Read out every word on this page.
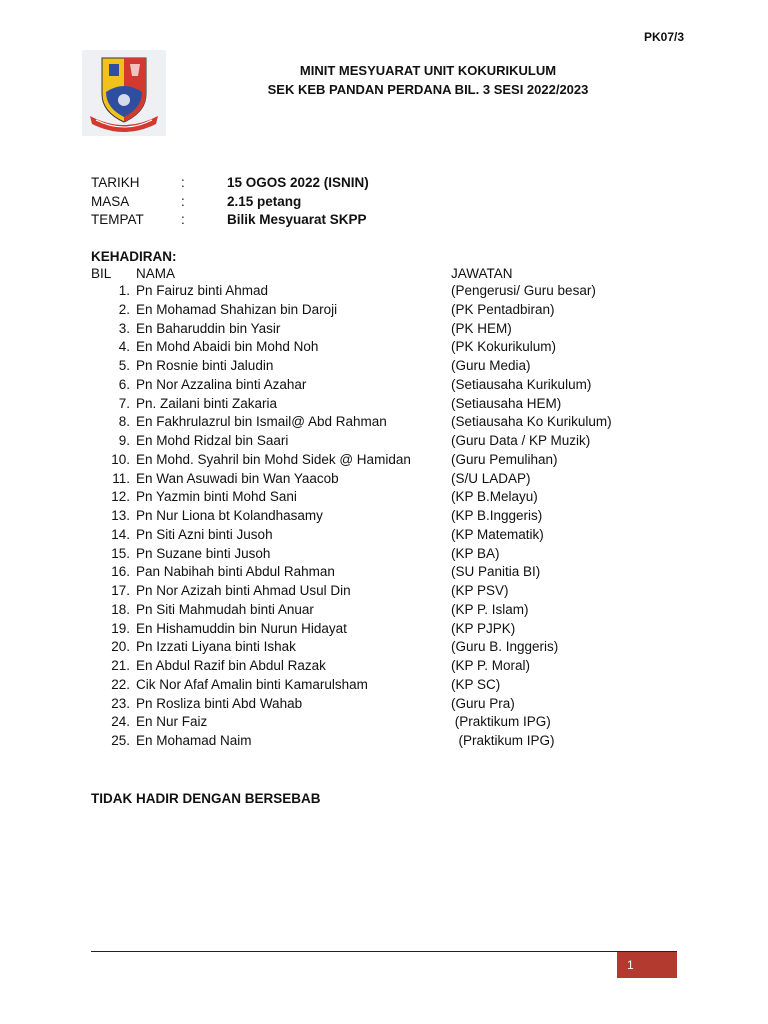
PK07/3
MINIT MESYUARAT UNIT KOKURIKULUM
SEK KEB PANDAN PERDANA BIL. 3 SESI 2022/2023
TARIKH	:	15 OGOS 2022 (ISNIN)
MASA	:	2.15 petang
TEMPAT	:	Bilik Mesyuarat SKPP
KEHADIRAN:
BIL NAMA	JAWATAN
1. Pn Fairuz binti Ahmad	(Pengerusi/ Guru besar)
2. En Mohamad Shahizan bin Daroji	(PK Pentadbiran)
3. En Baharuddin bin Yasir	(PK HEM)
4. En Mohd Abaidi bin Mohd Noh	(PK Kokurikulum)
5. Pn Rosnie binti Jaludin	(Guru Media)
6. Pn Nor Azzalina binti Azahar	(Setiausaha Kurikulum)
7. Pn. Zailani binti Zakaria	(Setiausaha HEM)
8. En Fakhrulazrul bin Ismail@ Abd Rahman	(Setiausaha Ko Kurikulum)
9. En Mohd Ridzal bin Saari	(Guru Data / KP Muzik)
10. En Mohd. Syahril bin Mohd Sidek @ Hamidan	(Guru Pemulihan)
11. En Wan Asuwadi bin Wan Yaacob	(S/U LADAP)
12. Pn Yazmin binti Mohd Sani	(KP B.Melayu)
13. Pn Nur Liona bt Kolandhasamy	(KP B.Inggeris)
14. Pn Siti Azni binti Jusoh	(KP Matematik)
15. Pn Suzane binti Jusoh	(KP BA)
16. Pan Nabihah binti Abdul Rahman	(SU Panitia BI)
17. Pn Nor Azizah binti Ahmad Usul Din	(KP PSV)
18. Pn Siti Mahmudah binti Anuar	(KP P. Islam)
19. En Hishamuddin bin Nurun Hidayat	(KP PJPK)
20. Pn Izzati Liyana binti Ishak	(Guru B. Inggeris)
21. En Abdul Razif bin Abdul Razak	(KP P. Moral)
22. Cik Nor Afaf Amalin binti Kamarulsham	(KP SC)
23. Pn Rosliza binti Abd Wahab	(Guru Pra)
24. En Nur Faiz	(Praktikum IPG)
25. En Mohamad Naim	(Praktikum IPG)
TIDAK HADIR DENGAN BERSEBAB
1
